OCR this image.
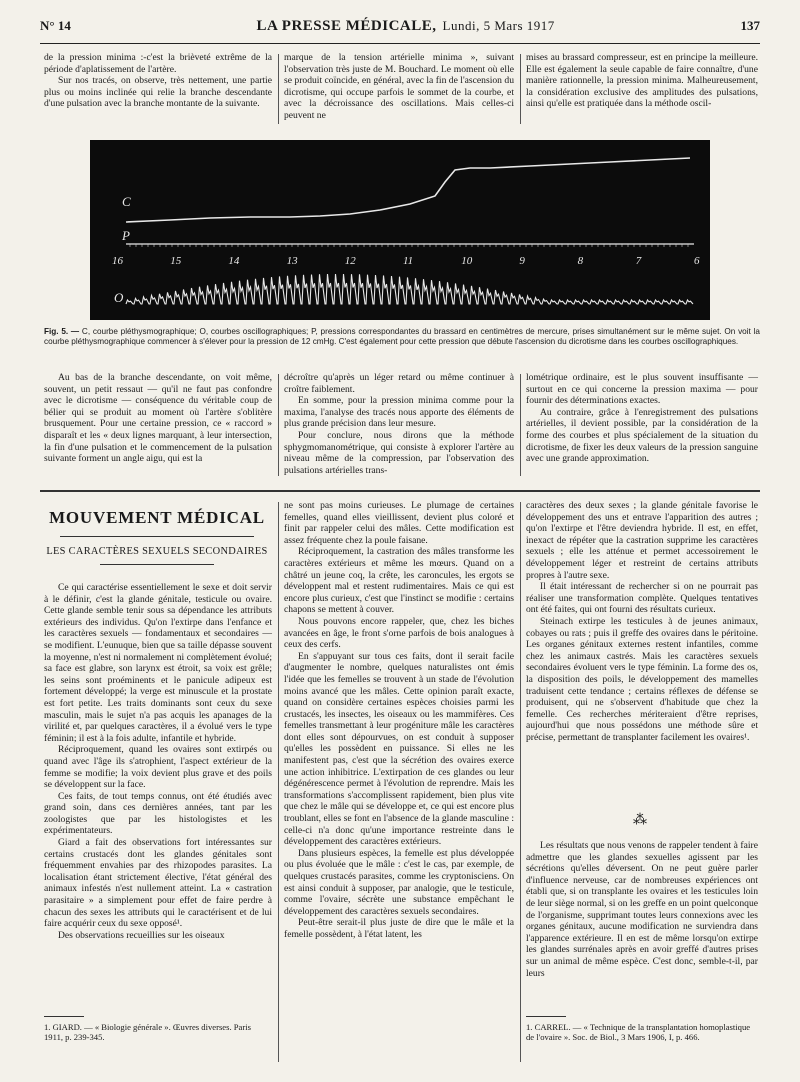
N° 14	LA PRESSE MÉDICALE, Lundi, 5 Mars 1917	137

de la pression minima :-c'est la brièveté extrême de la période d'aplatissement de l'artère.

Sur nos tracés, on observe, très nettement, une partie plus ou moins inclinée qui relie la branche descendante d'une pulsation avec la branche montante de la suivante.

marque de la tension artérielle minima », suivant l'observation très juste de M. Bouchard. Le moment où elle se produit coïncide, en général, avec la fin de l'ascension du dicrotisme, qui occupe parfois le sommet de la courbe, et avec la décroissance des oscillations. Mais celles-ci peuvent ne

mises au brassard compresseur, est en principe la meilleure. Elle est également la seule capable de faire connaître, d'une manière rationnelle, la pression minima. Malheureusement, la considération exclusive des amplitudes des pulsations, ainsi qu'elle est pratiquée dans la méthode oscil-

C
P
O
16	15	14	13	12	11	10	9	8	7	6
Fig. 5. — C, courbe pléthysmographique; O, courbes oscillographiques; P, pressions correspondantes du brassard en centimètres de mercure, prises simultanément sur le même sujet. On voit la courbe pléthysmographique commencer à s'élever pour la pression de 12 cmHg. C'est également pour cette pression que débute l'ascension du dicrotisme dans les courbes oscillographiques.

Au bas de la branche descendante, on voit même, souvent, un petit ressaut — qu'il ne faut pas confondre avec le dicrotisme — conséquence du véritable coup de bélier qui se produit au moment où l'artère s'oblitère brusquement. Pour une certaine pression, ce « raccord » disparaît et les « deux lignes marquant, à leur intersection, la fin d'une pulsation et le commencement de la pulsation suivante forment un angle aigu, qui est la

décroître qu'après un léger retard ou même continuer à croître faiblement.

En somme, pour la pression minima comme pour la maxima, l'analyse des tracés nous apporte des éléments de plus grande précision dans leur mesure.

Pour conclure, nous dirons que la méthode sphygmomanométrique, qui consiste à explorer l'artère au niveau même de la compression, par l'observation des pulsations artérielles trans-

lométrique ordinaire, est le plus souvent insuffisante — surtout en ce qui concerne la pression maxima — pour fournir des déterminations exactes.

Au contraire, grâce à l'enregistrement des pulsations artérielles, il devient possible, par la considération de la forme des courbes et plus spécialement de la situation du dicrotisme, de fixer les deux valeurs de la pression sanguine avec une grande approximation.

MOUVEMENT MÉDICAL
LES CARACTÈRES SEXUELS SECONDAIRES

Ce qui caractérise essentiellement le sexe et doit servir à le définir, c'est la glande génitale, testicule ou ovaire. Cette glande semble tenir sous sa dépendance les attributs extérieurs des individus. Qu'on l'extirpe dans l'enfance et les caractères sexuels — fondamentaux et secondaires — se modifient. L'eunuque, bien que sa taille dépasse souvent la moyenne, n'est ni normalement ni complètement évolué; sa face est glabre, son larynx est étroit, sa voix est grêle; les seins sont proéminents et le panicule adipeux est fortement développé; la verge est minuscule et la prostate est fort petite. Les traits dominants sont ceux du sexe masculin, mais le sujet n'a pas acquis les apanages de la virilité et, par quelques caractères, il a évolué vers le type féminin; il est à la fois adulte, infantile et hybride.

Réciproquement, quand les ovaires sont extirpés ou quand avec l'âge ils s'atrophient, l'aspect extérieur de la femme se modifie; la voix devient plus grave et des poils se développent sur la face.

Ces faits, de tout temps connus, ont été étudiés avec grand soin, dans ces dernières années, tant par les zoologistes que par les histologistes et les expérimentateurs.

Giard a fait des observations fort intéressantes sur certains crustacés dont les glandes génitales sont fréquemment envahies par des rhizopodes parasites. La localisation étant strictement élective, l'état général des animaux infestés n'est nullement atteint. La « castration parasitaire » a simplement pour effet de faire perdre à chacun des sexes les attributs qui le caractérisent et de lui faire acquérir ceux du sexe opposé¹.

Des observations recueillies sur les oiseaux

1. GIARD. — « Biologie générale ». Œuvres diverses. Paris 1911, p. 239-345.

ne sont pas moins curieuses. Le plumage de certaines femelles, quand elles vieillissent, devient plus coloré et finit par rappeler celui des mâles. Cette modification est assez fréquente chez la poule faisane.

Réciproquement, la castration des mâles transforme les caractères extérieurs et même les mœurs. Quand on a châtré un jeune coq, la crête, les caroncules, les ergots se développent mal et restent rudimentaires. Mais ce qui est encore plus curieux, c'est que l'instinct se modifie : certains chapons se mettent à couver.

Nous pouvons encore rappeler, que, chez les biches avancées en âge, le front s'orne parfois de bois analogues à ceux des cerfs.

En s'appuyant sur tous ces faits, dont il serait facile d'augmenter le nombre, quelques naturalistes ont émis l'idée que les femelles se trouvent à un stade de l'évolution moins avancé que les mâles. Cette opinion paraît exacte, quand on considère certaines espèces choisies parmi les crustacés, les insectes, les oiseaux ou les mammifères. Ces femelles transmettant à leur progéniture mâle les caractères dont elles sont dépourvues, on est conduit à supposer qu'elles les possèdent en puissance. Si elles ne les manifestent pas, c'est que la sécrétion des ovaires exerce une action inhibitrice. L'extirpation de ces glandes ou leur dégénérescence permet à l'évolution de reprendre. Mais les transformations s'accomplissent rapidement, bien plus vite que chez le mâle qui se développe et, ce qui est encore plus troublant, elles se font en l'absence de la glande masculine : celle-ci n'a donc qu'une importance restreinte dans le développement des caractères extérieurs.

Dans plusieurs espèces, la femelle est plus développée ou plus évoluée que le mâle : c'est le cas, par exemple, de quelques crustacés parasites, comme les cryptonisciens. On est ainsi conduit à supposer, par analogie, que le testicule, comme l'ovaire, sécrète une substance empêchant le développement des caractères sexuels secondaires.

Peut-être serait-il plus juste de dire que le mâle et la femelle possèdent, à l'état latent, les

caractères des deux sexes ; la glande génitale favorise le développement des uns et entrave l'apparition des autres ; qu'on l'extirpe et l'être deviendra hybride. Il est, en effet, inexact de répéter que la castration supprime les caractères sexuels ; elle les atténue et permet accessoirement le développement léger et restreint de certains attributs propres à l'autre sexe.

Il était intéressant de rechercher si on ne pourrait pas réaliser une transformation complète. Quelques tentatives ont été faites, qui ont fourni des résultats curieux.

Steinach extirpe les testicules à de jeunes animaux, cobayes ou rats ; puis il greffe des ovaires dans le péritoine. Les organes génitaux externes restent infantiles, comme chez les animaux castrés. Mais les caractères sexuels secondaires évoluent vers le type féminin. La forme des os, la disposition des poils, le développement des mamelles traduisent cette tendance ; certains réflexes de défense se produisent, qui ne s'observent d'habitude que chez la femelle. Ces recherches mériteraient d'être reprises, aujourd'hui que nous possédons une méthode sûre et précise, permettant de transplanter facilement les ovaires¹.

⁂

Les résultats que nous venons de rappeler tendent à faire admettre que les glandes sexuelles agissent par les sécrétions qu'elles déversent. On ne peut guère parler d'influence nerveuse, car de nombreuses expériences ont établi que, si on transplante les ovaires et les testicules loin de leur siège normal, si on les greffe en un point quelconque de l'organisme, supprimant toutes leurs connexions avec les organes génitaux, aucune modification ne surviendra dans l'apparence extérieure. Il en est de même lorsqu'on extirpe les glandes surrénales après en avoir greffé d'autres prises sur un animal de même espèce. C'est donc, semble-t-il, par leurs

1. CARREL. — « Technique de la transplantation homoplastique de l'ovaire ». Soc. de Biol., 3 Mars 1906, I, p. 466.
